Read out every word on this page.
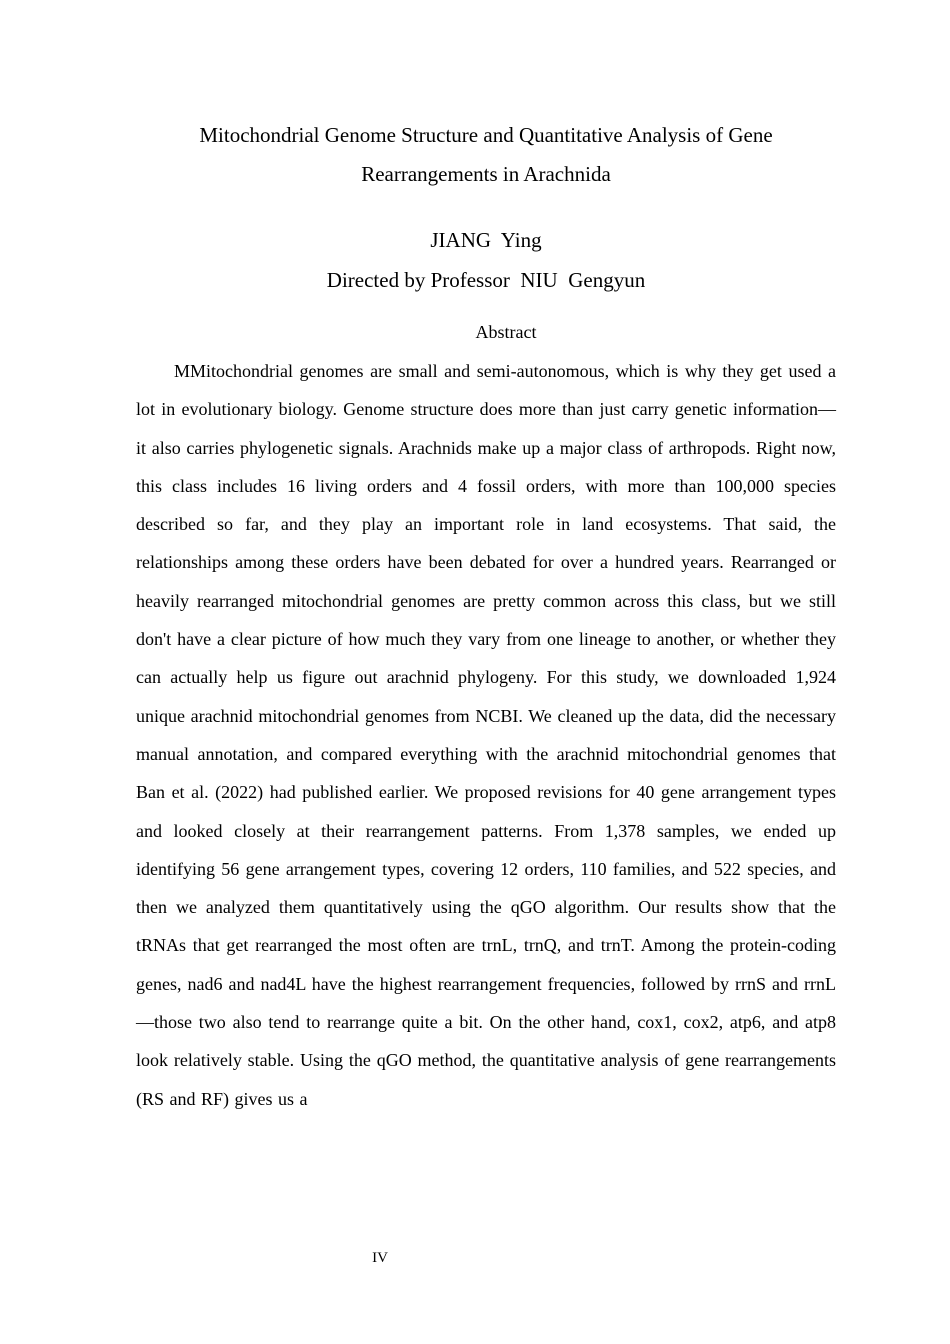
Mitochondrial Genome Structure and Quantitative Analysis of Gene Rearrangements in Arachnida
JIANG  Ying
Directed by Professor  NIU  Gengyun
Abstract

MMitochondrial genomes are small and semi-autonomous, which is why they get used a lot in evolutionary biology. Genome structure does more than just carry genetic information— it also carries phylogenetic signals. Arachnids make up a major class of arthropods. Right now, this class includes 16 living orders and 4 fossil orders, with more than 100,000 species described so far, and they play an important role in land ecosystems. That said, the relationships among these orders have been debated for over a hundred years. Rearranged or heavily rearranged mitochondrial genomes are pretty common across this class, but we still don't have a clear picture of how much they vary from one lineage to another, or whether they can actually help us figure out arachnid phylogeny. For this study, we downloaded 1,924 unique arachnid mitochondrial genomes from NCBI. We cleaned up the data, did the necessary manual annotation, and compared everything with the arachnid mitochondrial genomes that Ban et al. (2022) had published earlier. We proposed revisions for 40 gene arrangement types and looked closely at their rearrangement patterns. From 1,378 samples, we ended up identifying 56 gene arrangement types, covering 12 orders, 110 families, and 522 species, and then we analyzed them quantitatively using the qGO algorithm. Our results show that the tRNAs that get rearranged the most often are trnL, trnQ, and trnT. Among the protein-coding genes, nad6 and nad4L have the highest rearrangement frequencies, followed by rrnS and rrnL—those two also tend to rearrange quite a bit. On the other hand, cox1, cox2, atp6, and atp8 look relatively stable. Using the qGO method, the quantitative analysis of gene rearrangements (RS and RF) gives us a

IV
